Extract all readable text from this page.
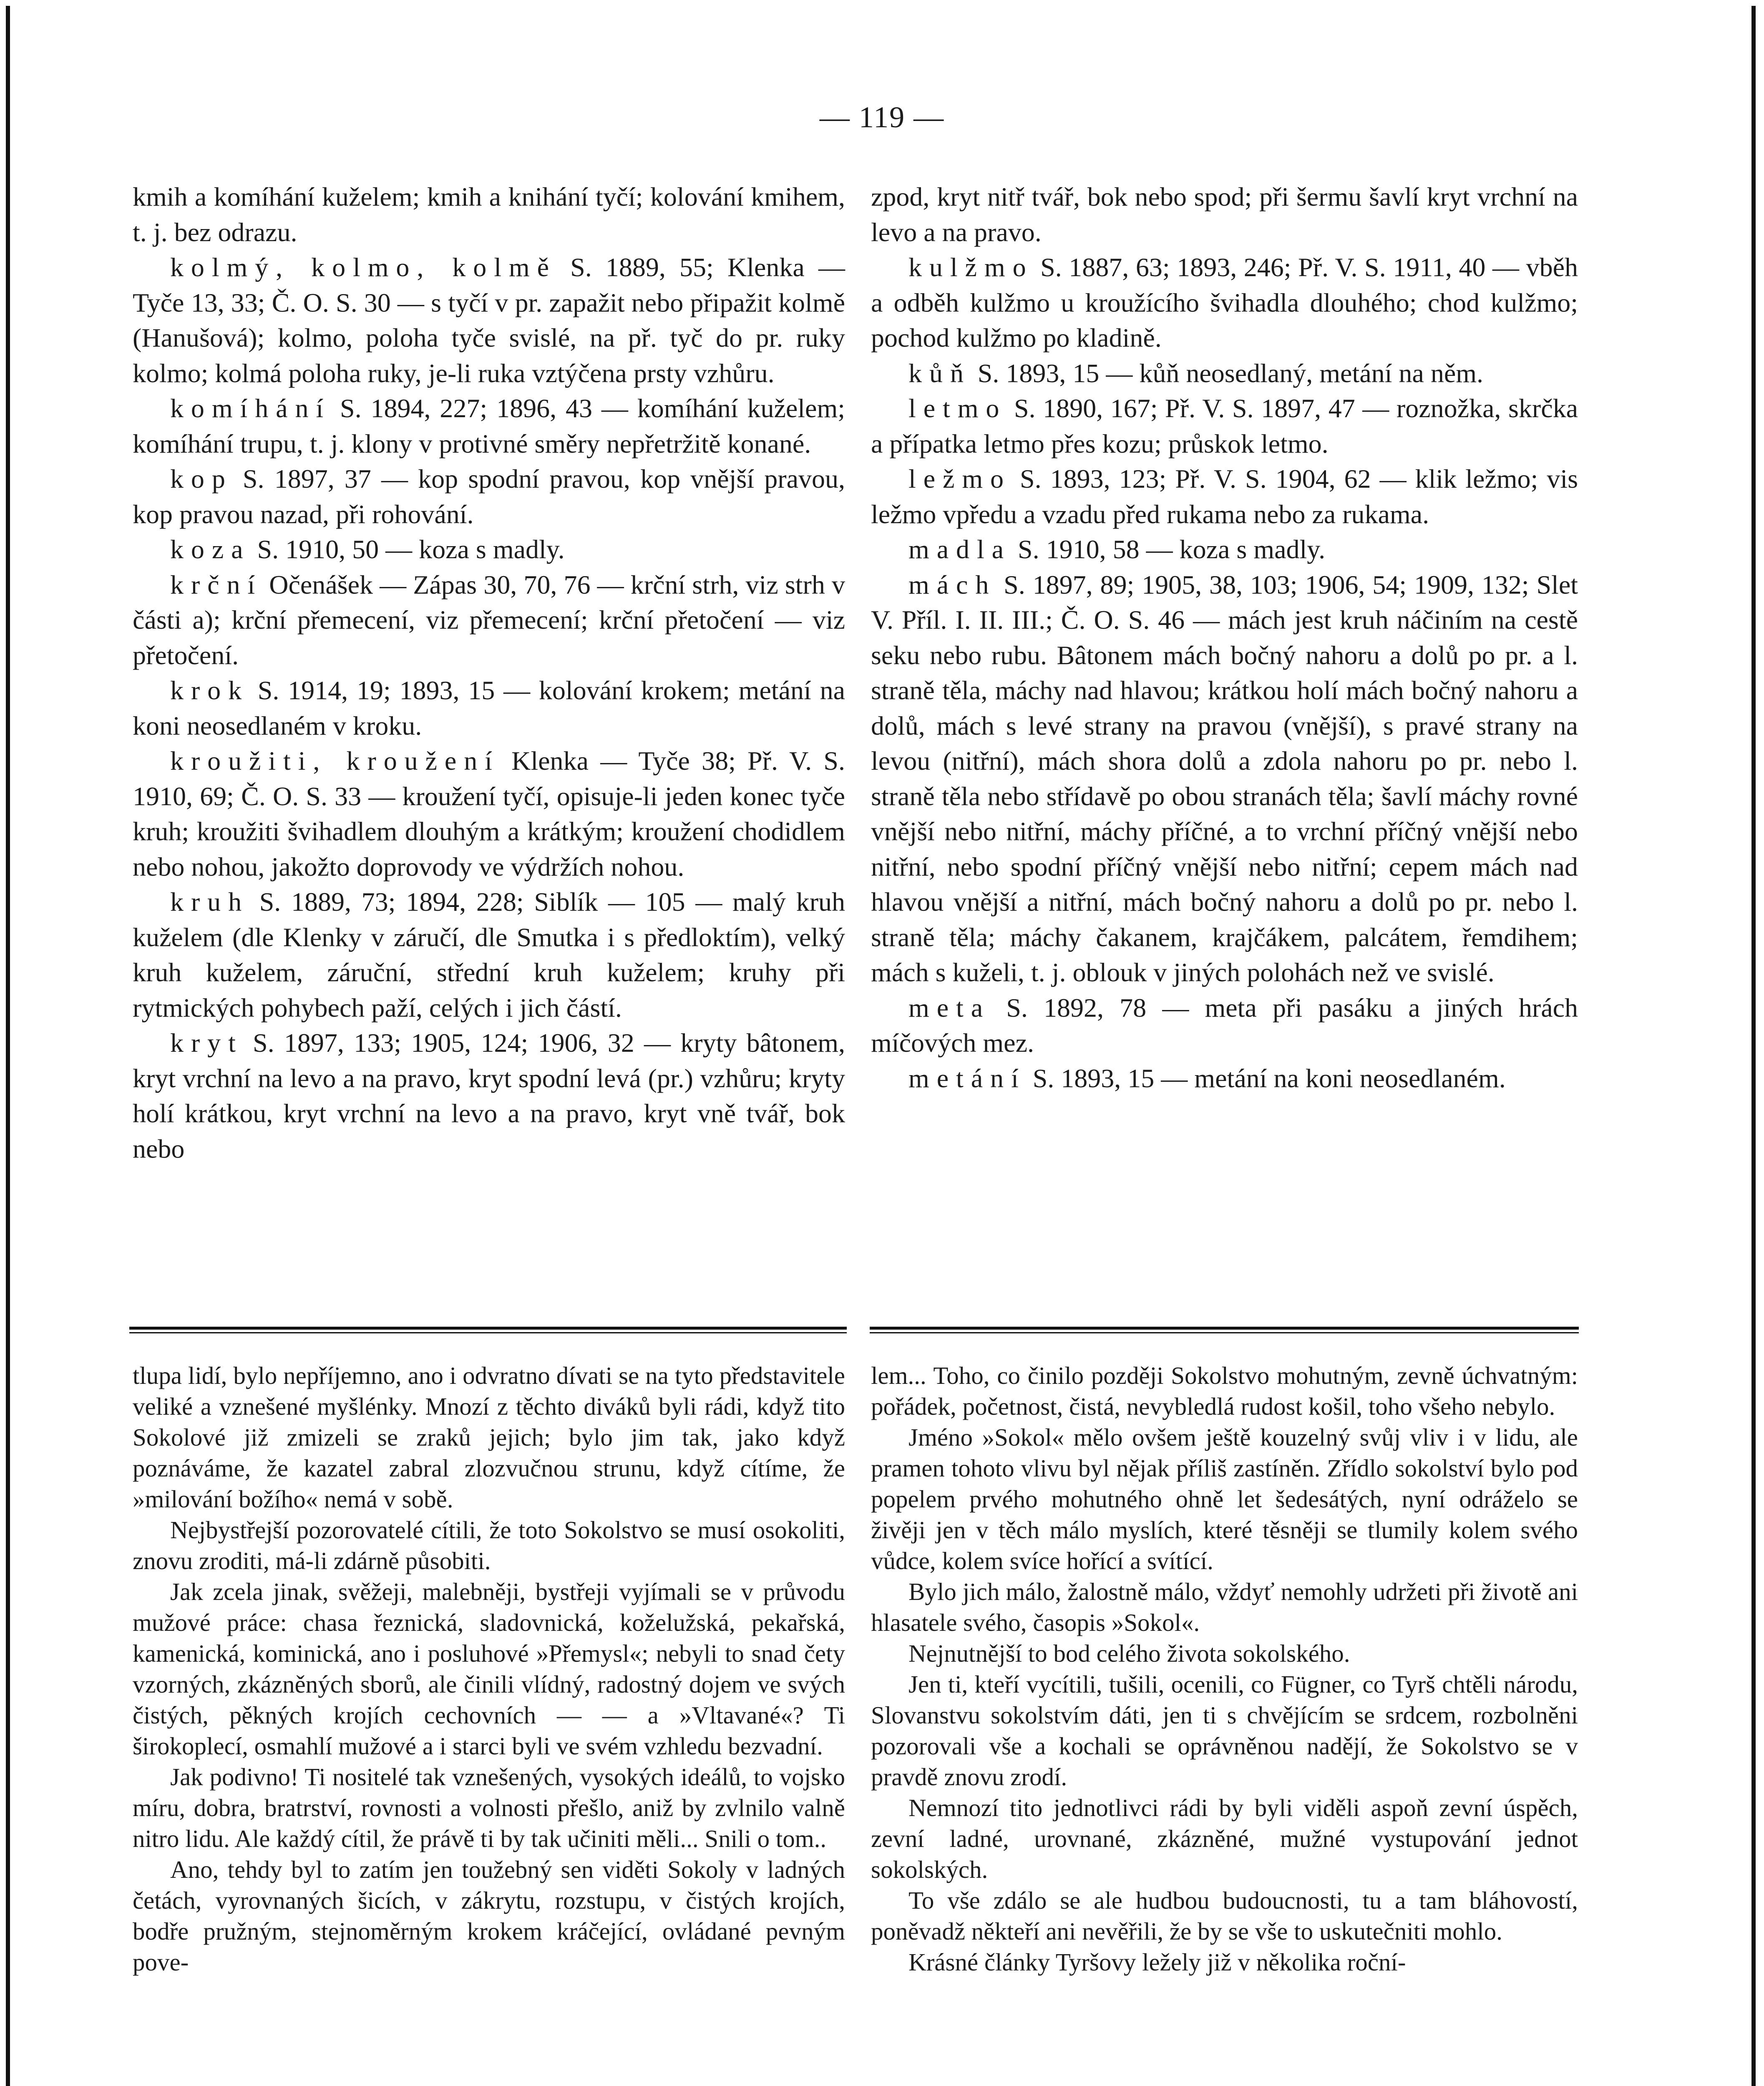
— 119 —

kmih a komíhání kuželem; kmih a knihání tyčí; kolování kmihem, t. j. bez odrazu.

kolmý, kolmo, kolmě S. 1889, 55; Klenka — Tyče 13, 33; Č. O. S. 30 — s tyčí v pr. zapažit nebo připažit kolmě (Hanušová); kolmo, poloha tyče svislé, na př. tyč do pr. ruky kolmo; kolmá poloha ruky, je-li ruka vztýčena prsty vzhůru.

komíhání S. 1894, 227; 1896, 43 — komíhání kuželem; komíhání trupu, t. j. klony v protivné směry nepřetržitě konané.

kop S. 1897, 37 — kop spodní pravou, kop vnější pravou, kop pravou nazad, při rohování.

koza S. 1910, 50 — koza s madly.

krční Očenášek — Zápas 30, 70, 76 — krční strh, viz strh v části a); krční přemecení, viz přemecení; krční přetočení — viz přetočení.

krok S. 1914, 19; 1893, 15 — kolování krokem; metání na koni neosedlaném v kroku.

kroužiti, kroužení Klenka — Tyče 38; Př. V. S. 1910, 69; Č. O. S. 33 — kroužení tyčí, opisuje-li jeden konec tyče kruh; kroužiti švihadlem dlouhým a krátkým; kroužení chodidlem nebo nohou, jakožto doprovody ve výdržích nohou.

kruh S. 1889, 73; 1894, 228; Siblík — 105 — malý kruh kuželem (dle Klenky v záručí, dle Smutka i s předloktím), velký kruh kuželem, záruční, střední kruh kuželem; kruhy při rytmických pohybech paží, celých i jich částí.

kryt S. 1897, 133; 1905, 124; 1906, 32 — kryty bâtonem, kryt vrchní na levo a na pravo, kryt spodní levá (pr.) vzhůru; kryty holí krátkou, kryt vrchní na levo a na pravo, kryt vně tvář, bok nebo

zpod, kryt nitř tvář, bok nebo spod; při šermu šavlí kryt vrchní na levo a na pravo.

kulžmo S. 1887, 63; 1893, 246; Př. V. S. 1911, 40 — vběh a odběh kulžmo u kroužícího švihadla dlouhého; chod kulžmo; pochod kulžmo po kladině.

kůň S. 1893, 15 — kůň neosedlaný, metání na něm.

letmo S. 1890, 167; Př. V. S. 1897, 47 — roznožka, skrčka a přípatka letmo přes kozu; průskok letmo.

ležmo S. 1893, 123; Př. V. S. 1904, 62 — klik ležmo; vis ležmo vpředu a vzadu před rukama nebo za rukama.

madla S. 1910, 58 — koza s madly.

mách S. 1897, 89; 1905, 38, 103; 1906, 54; 1909, 132; Slet V. Příl. I. II. III.; Č. O. S. 46 — mách jest kruh náčiním na cestě seku nebo rubu. Bâtonem mách bočný nahoru a dolů po pr. a l. straně těla, máchy nad hlavou; krátkou holí mách bočný nahoru a dolů, mách s levé strany na pravou (vnější), s pravé strany na levou (nitřní), mách shora dolů a zdola nahoru po pr. nebo l. straně těla nebo střídavě po obou stranách těla; šavlí máchy rovné vnější nebo nitřní, máchy příčné, a to vrchní příčný vnější nebo nitřní, nebo spodní příčný vnější nebo nitřní; cepem mách nad hlavou vnější a nitřní, mách bočný nahoru a dolů po pr. nebo l. straně těla; máchy čakanem, krajčákem, palcátem, řemdihem; mách s kuželi, t. j. oblouk v jiných polohách než ve svislé.

meta S. 1892, 78 — meta při pasáku a jiných hrách míčových mez.

metání S. 1893, 15 — metání na koni neosedlaném.

tlupa lidí, bylo nepříjemno, ano i odvratno dívati se na tyto představitele veliké a vznešené myšlénky. Mnozí z těchto diváků byli rádi, když tito Sokolové již zmizeli se zraků jejich; bylo jim tak, jako když poznáváme, že kazatel zabral zlozvučnou strunu, když cítíme, že »milování božího« nemá v sobě.

Nejbystřejší pozorovatelé cítili, že toto Sokolstvo se musí osokoliti, znovu zroditi, má-li zdárně působiti.

Jak zcela jinak, svěžeji, malebněji, bystřeji vyjímali se v průvodu mužové práce: chasa řeznická, sladovnická, koželužská, pekařská, kamenická, kominická, ano i posluhové »Přemysl«; nebyli to snad čety vzorných, zkázněných sborů, ale činili vlídný, radostný dojem ve svých čistých, pěkných krojích cechovních — — a »Vltavané«? Ti širokoplecí, osmahlí mužové a i starci byli ve svém vzhledu bezvadní.

Jak podivno! Ti nositelé tak vznešených, vysokých ideálů, to vojsko míru, dobra, bratrství, rovnosti a volnosti přešlo, aniž by zvlnilo valně nitro lidu. Ale každý cítil, že právě ti by tak učiniti měli... Snili o tom..

Ano, tehdy byl to zatím jen toužebný sen viděti Sokoly v ladných četách, vyrovnaných šicích, v zákrytu, rozstupu, v čistých krojích, bodře pružným, stejnoměrným krokem kráčející, ovládané pevným pove-

lem... Toho, co činilo později Sokolstvo mohutným, zevně úchvatným: pořádek, početnost, čistá, nevybledlá rudost košil, toho všeho nebylo.

Jméno »Sokol« mělo ovšem ještě kouzelný svůj vliv i v lidu, ale pramen tohoto vlivu byl nějak příliš zastíněn. Zřídlo sokolství bylo pod popelem prvého mohutného ohně let šedesátých, nyní odráželo se živěji jen v těch málo myslích, které těsněji se tlumily kolem svého vůdce, kolem svíce hořící a svítící.

Bylo jich málo, žalostně málo, vždyť nemohly udržeti při životě ani hlasatele svého, časopis »Sokol«.

Nejnutnější to bod celého života sokolského.

Jen ti, kteří vycítili, tušili, ocenili, co Fügner, co Tyrš chtěli národu, Slovanstvu sokolstvím dáti, jen ti s chvějícím se srdcem, rozbolněni pozorovali vše a kochali se oprávněnou nadějí, že Sokolstvo se v pravdě znovu zrodí.

Nemnozí tito jednotlivci rádi by byli viděli aspoň zevní úspěch, zevní ladné, urovnané, zkázněné, mužné vystupování jednot sokolských.

To vše zdálo se ale hudbou budoucnosti, tu a tam bláhovostí, poněvadž někteří ani nevěřili, že by se vše to uskutečniti mohlo.

Krásné články Tyršovy ležely již v několika roční-
